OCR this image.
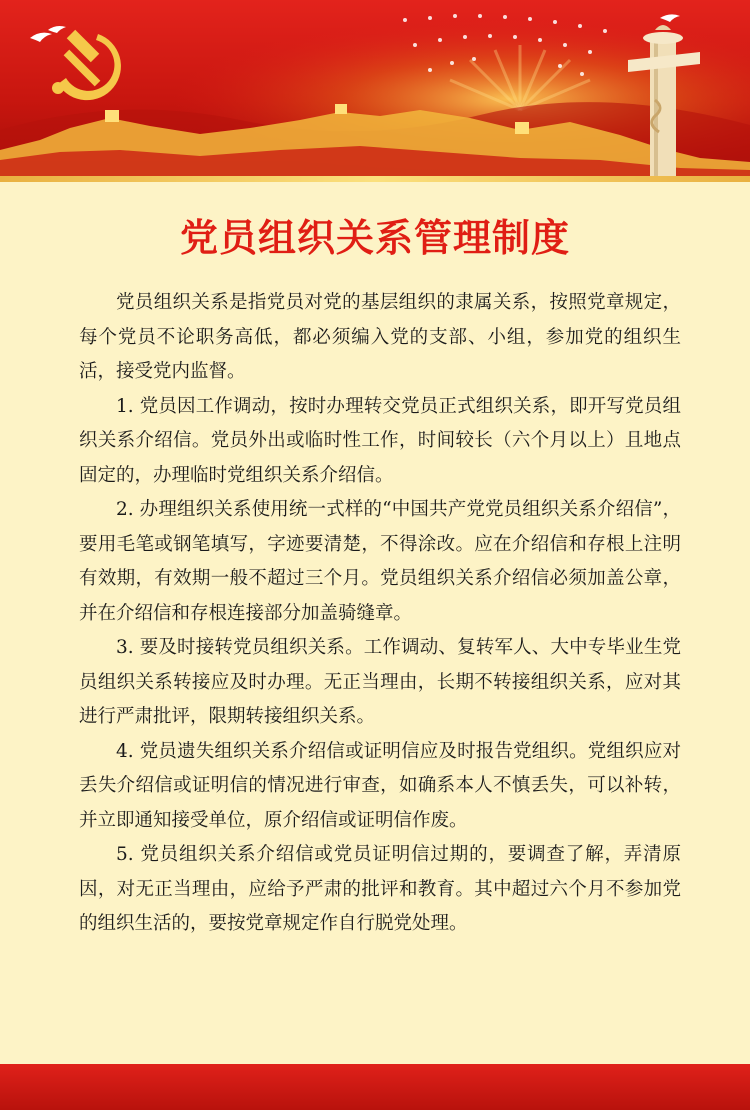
党员组织关系管理制度

党员组织关系是指党员对党的基层组织的隶属关系，按照党章规定，每个党员不论职务高低，都必须编入党的支部、小组，参加党的组织生活，接受党内监督。

1. 党员因工作调动，按时办理转交党员正式组织关系，即开写党员组织关系介绍信。党员外出或临时性工作，时间较长（六个月以上）且地点固定的，办理临时党组织关系介绍信。

2. 办理组织关系使用统一式样的“中国共产党党员组织关系介绍信”，要用毛笔或钢笔填写，字迹要清楚，不得涂改。应在介绍信和存根上注明有效期，有效期一般不超过三个月。党员组织关系介绍信必须加盖公章，并在介绍信和存根连接部分加盖骑缝章。

3. 要及时接转党员组织关系。工作调动、复转军人、大中专毕业生党员组织关系转接应及时办理。无正当理由，长期不转接组织关系，应对其进行严肃批评，限期转接组织关系。

4. 党员遗失组织关系介绍信或证明信应及时报告党组织。党组织应对丢失介绍信或证明信的情况进行审查，如确系本人不慎丢失，可以补转，并立即通知接受单位，原介绍信或证明信作废。

5. 党员组织关系介绍信或党员证明信过期的，要调查了解，弄清原因，对无正当理由，应给予严肃的批评和教育。其中超过六个月不参加党的组织生活的，要按党章规定作自行脱党处理。
